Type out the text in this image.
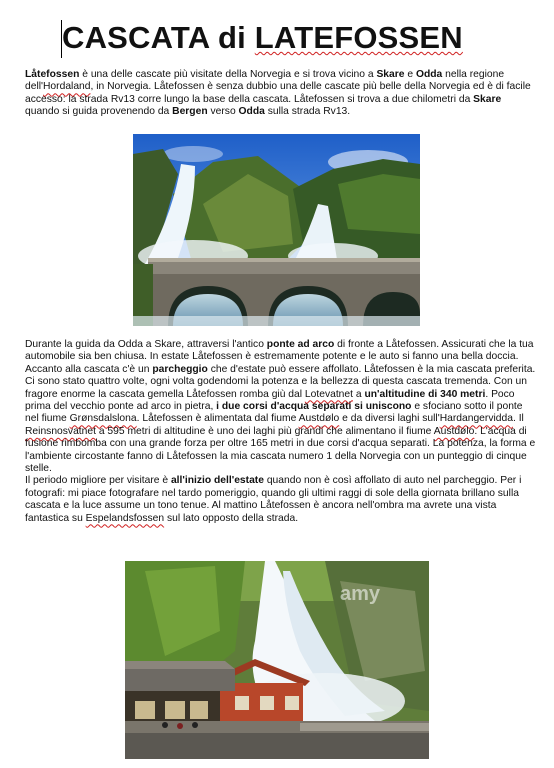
CASCATA di LATEFOSSEN
Låtefossen è una delle cascate più visitate della Norvegia e si trova vicino a Skare e Odda nella regione dell'Hordaland, in Norvegia. Låtefossen è senza dubbio una delle cascate più belle della Norvegia ed è di facile accesso: la strada Rv13 corre lungo la base della cascata. Låtefossen si trova a due chilometri da Skare quando si guida provenendo da Bergen verso Odda sulla strada Rv13.
Durante la guida da Odda a Skare, attraversi l'antico ponte ad arco di fronte a Låtefossen. Assicurati che la tua automobile sia ben chiusa. In estate Låtefossen è estremamente potente e le auto si fanno una bella doccia. Accanto alla cascata c'è un parcheggio che d'estate può essere affollato. Låtefossen è la mia cascata preferita. Ci sono stato quattro volte, ogni volta godendomi la potenza e la bellezza di questa cascata tremenda. Con un fragore enorme la cascata gemella Låtefossen romba giù dal Lotevatnet a un'altitudine di 340 metri. Poco prima del vecchio ponte ad arco in pietra, i due corsi d'acqua separati si uniscono e sfociano sotto il ponte nel fiume Grønsdalslona. Låtefossen è alimentata dal fiume Austdølo e da diversi laghi sull'Hardangervidda. Il Reinsnosvatnet a 595 metri di altitudine è uno dei laghi più grandi che alimentano il fiume Austdølo. L'acqua di fusione rimbomba con una grande forza per oltre 165 metri in due corsi d'acqua separati. La potenza, la forma e l'ambiente circostante fanno di Låtefossen la mia cascata numero 1 della Norvegia con un punteggio di cinque stelle.
Il periodo migliore per visitare è all'inizio dell'estate quando non è così affollato di auto nel parcheggio. Per i fotografi: mi piace fotografare nel tardo pomeriggio, quando gli ultimi raggi di sole della giornata brillano sulla cascata e la luce assume un tono tenue. Al mattino Låtefossen è ancora nell'ombra ma avrete una vista fantastica su Espelandsfossen sul lato opposto della strada.
amy
